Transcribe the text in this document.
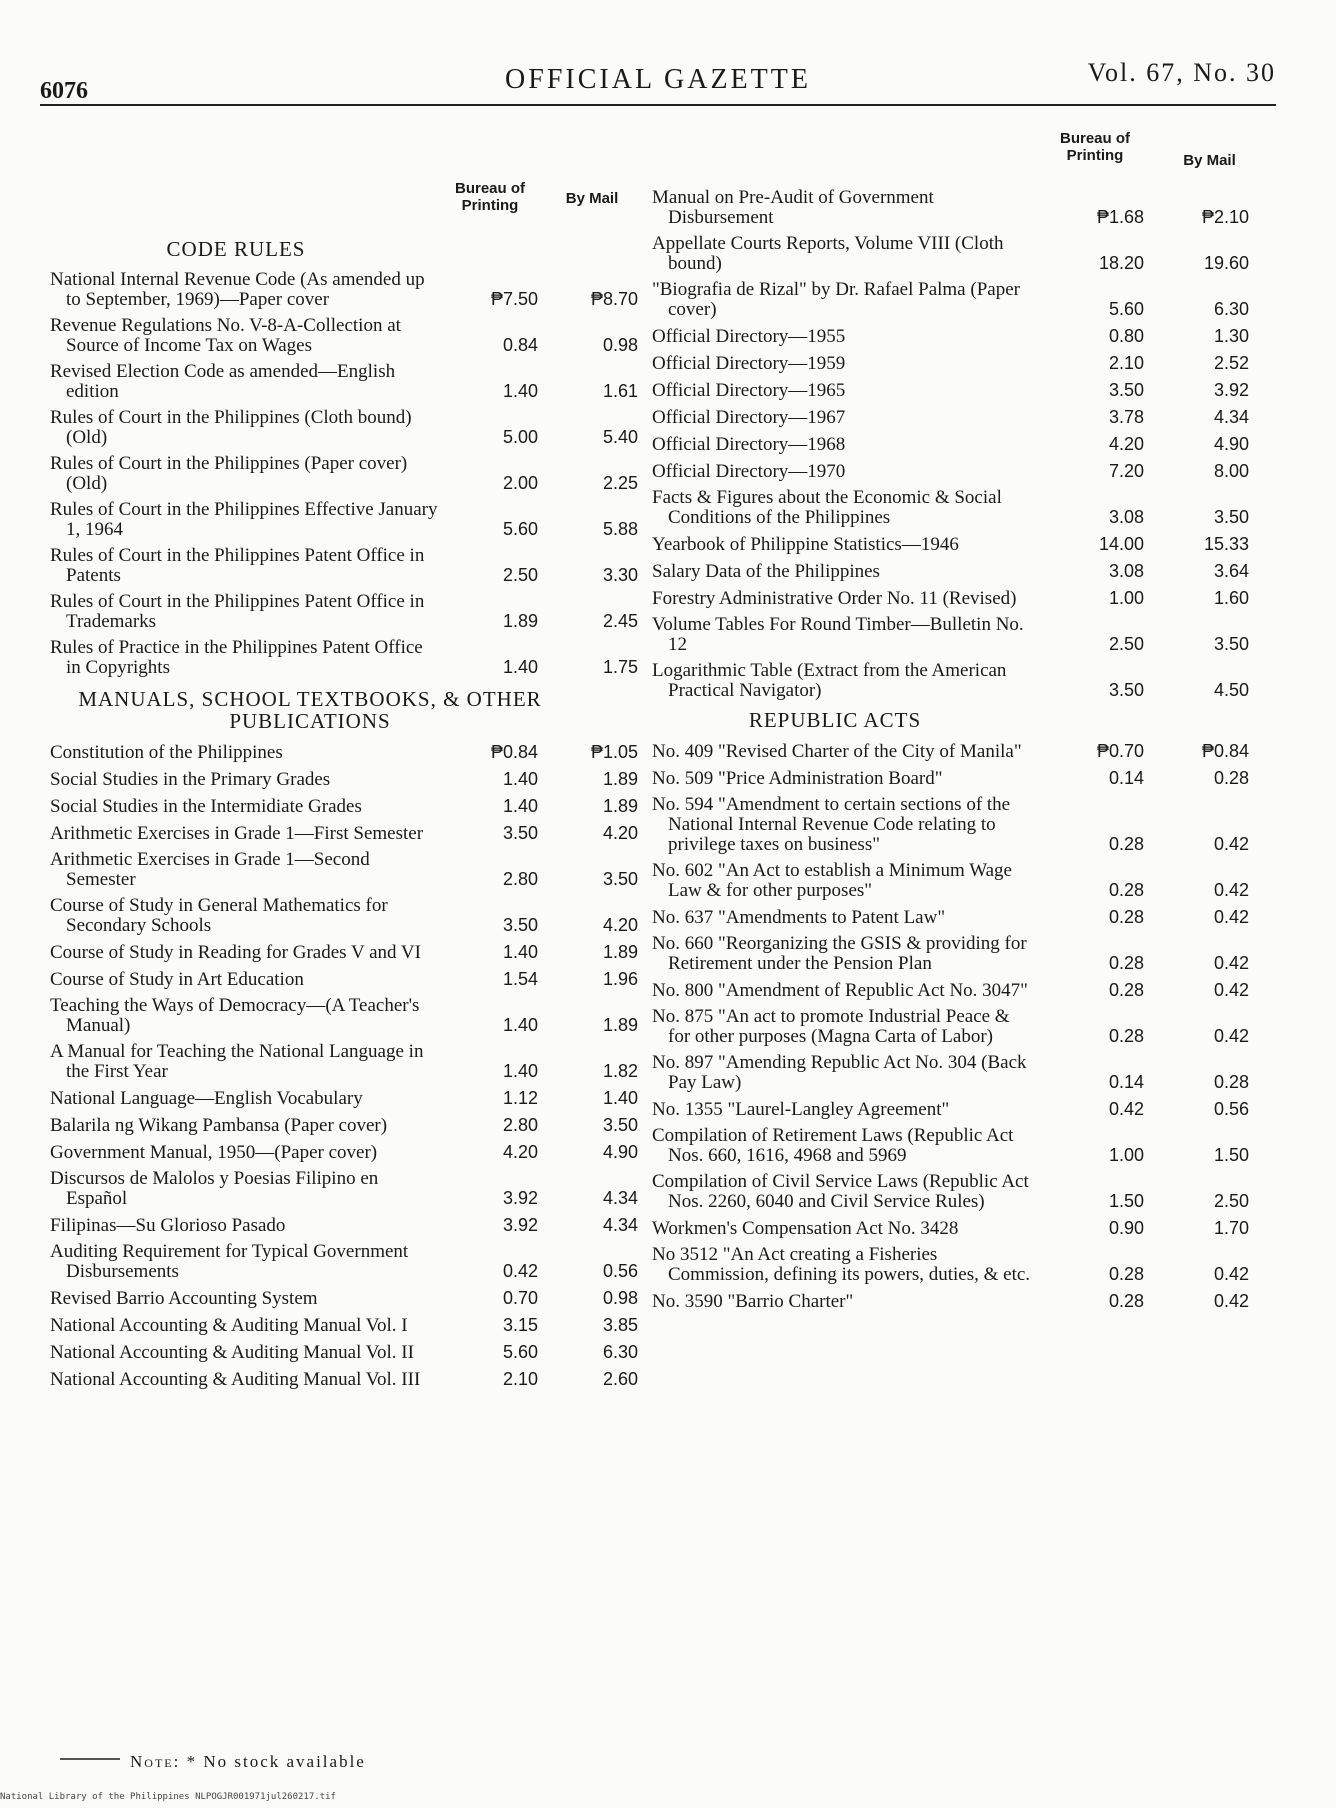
6076	OFFICIAL GAZETTE	Vol. 67, No. 30
Bureau of Printing	By Mail
CODE RULES
National Internal Revenue Code (As amended up to September, 1969)—Paper cover	₱7.50	₱8.70
Revenue Regulations No. V-8-A-Collection at Source of Income Tax on Wages	0.84	0.98
Revised Election Code as amended—English edition	1.40	1.61
Rules of Court in the Philippines (Cloth bound) (Old)	5.00	5.40
Rules of Court in the Philippines (Paper cover) (Old)	2.00	2.25
Rules of Court in the Philippines Effective January 1, 1964	5.60	5.88
Rules of Court in the Philippines Patent Office in Patents	2.50	3.30
Rules of Court in the Philippines Patent Office in Trademarks	1.89	2.45
Rules of Practice in the Philippines Patent Office in Copyrights	1.40	1.75
MANUALS, SCHOOL TEXTBOOKS, & OTHER PUBLICATIONS
Constitution of the Philippines	₱0.84	₱1.05
Social Studies in the Primary Grades	1.40	1.89
Social Studies in the Intermidiate Grades	1.40	1.89
Arithmetic Exercises in Grade 1—First Semester	3.50	4.20
Arithmetic Exercises in Grade 1—Second Semester	2.80	3.50
Course of Study in General Mathematics for Secondary Schools	3.50	4.20
Course of Study in Reading for Grades V and VI	1.40	1.89
Course of Study in Art Education	1.54	1.96
Teaching the Ways of Democracy—(A Teacher's Manual)	1.40	1.89
A Manual for Teaching the National Language in the First Year	1.40	1.82
National Language—English Vocabulary	1.12	1.40
Balarila ng Wikang Pambansa (Paper cover)	2.80	3.50
Government Manual, 1950—(Paper cover)	4.20	4.90
Discursos de Malolos y Poesias Filipino en Español	3.92	4.34
Filipinas—Su Glorioso Pasado	3.92	4.34
Auditing Requirement for Typical Government Disbursements	0.42	0.56
Revised Barrio Accounting System	0.70	0.98
National Accounting & Auditing Manual Vol. I	3.15	3.85
National Accounting & Auditing Manual Vol. II	5.60	6.30
National Accounting & Auditing Manual Vol. III	2.10	2.60
Bureau of Printing	By Mail
Manual on Pre-Audit of Government Disbursement	₱1.68	₱2.10
Appellate Courts Reports, Volume VIII (Cloth bound)	18.20	19.60
"Biografia de Rizal" by Dr. Rafael Palma (Paper cover)	5.60	6.30
Official Directory—1955	0.80	1.30
Official Directory—1959	2.10	2.52
Official Directory—1965	3.50	3.92
Official Directory—1967	3.78	4.34
Official Directory—1968	4.20	4.90
Official Directory—1970	7.20	8.00
Facts & Figures about the Economic & Social Conditions of the Philippines	3.08	3.50
Yearbook of Philippine Statistics—1946	14.00	15.33
Salary Data of the Philippines	3.08	3.64
Forestry Administrative Order No. 11 (Revised)	1.00	1.60
Volume Tables For Round Timber—Bulletin No. 12	2.50	3.50
Logarithmic Table (Extract from the American Practical Navigator)	3.50	4.50
REPUBLIC ACTS
No. 409 "Revised Charter of the City of Manila"	₱0.70	₱0.84
No. 509 "Price Administration Board"	0.14	0.28
No. 594 "Amendment to certain sections of the National Internal Revenue Code relating to privilege taxes on business"	0.28	0.42
No. 602 "An Act to establish a Minimum Wage Law & for other purposes"	0.28	0.42
No. 637 "Amendments to Patent Law"	0.28	0.42
No. 660 "Reorganizing the GSIS & providing for Retirement under the Pension Plan	0.28	0.42
No. 800 "Amendment of Republic Act No. 3047"	0.28	0.42
No. 875 "An act to promote Industrial Peace & for other purposes (Magna Carta of Labor)	0.28	0.42
No. 897 "Amending Republic Act No. 304 (Back Pay Law)	0.14	0.28
No. 1355 "Laurel-Langley Agreement"	0.42	0.56
Compilation of Retirement Laws (Republic Act Nos. 660, 1616, 4968 and 5969	1.00	1.50
Compilation of Civil Service Laws (Republic Act Nos. 2260, 6040 and Civil Service Rules)	1.50	2.50
Workmen's Compensation Act No. 3428	0.90	1.70
No 3512 "An Act creating a Fisheries Commission, defining its powers, duties, & etc.	0.28	0.42
No. 3590 "Barrio Charter"	0.28	0.42
Note: * No stock available
National Library of the Philippines NLPOGJR001971jul260217.tif
